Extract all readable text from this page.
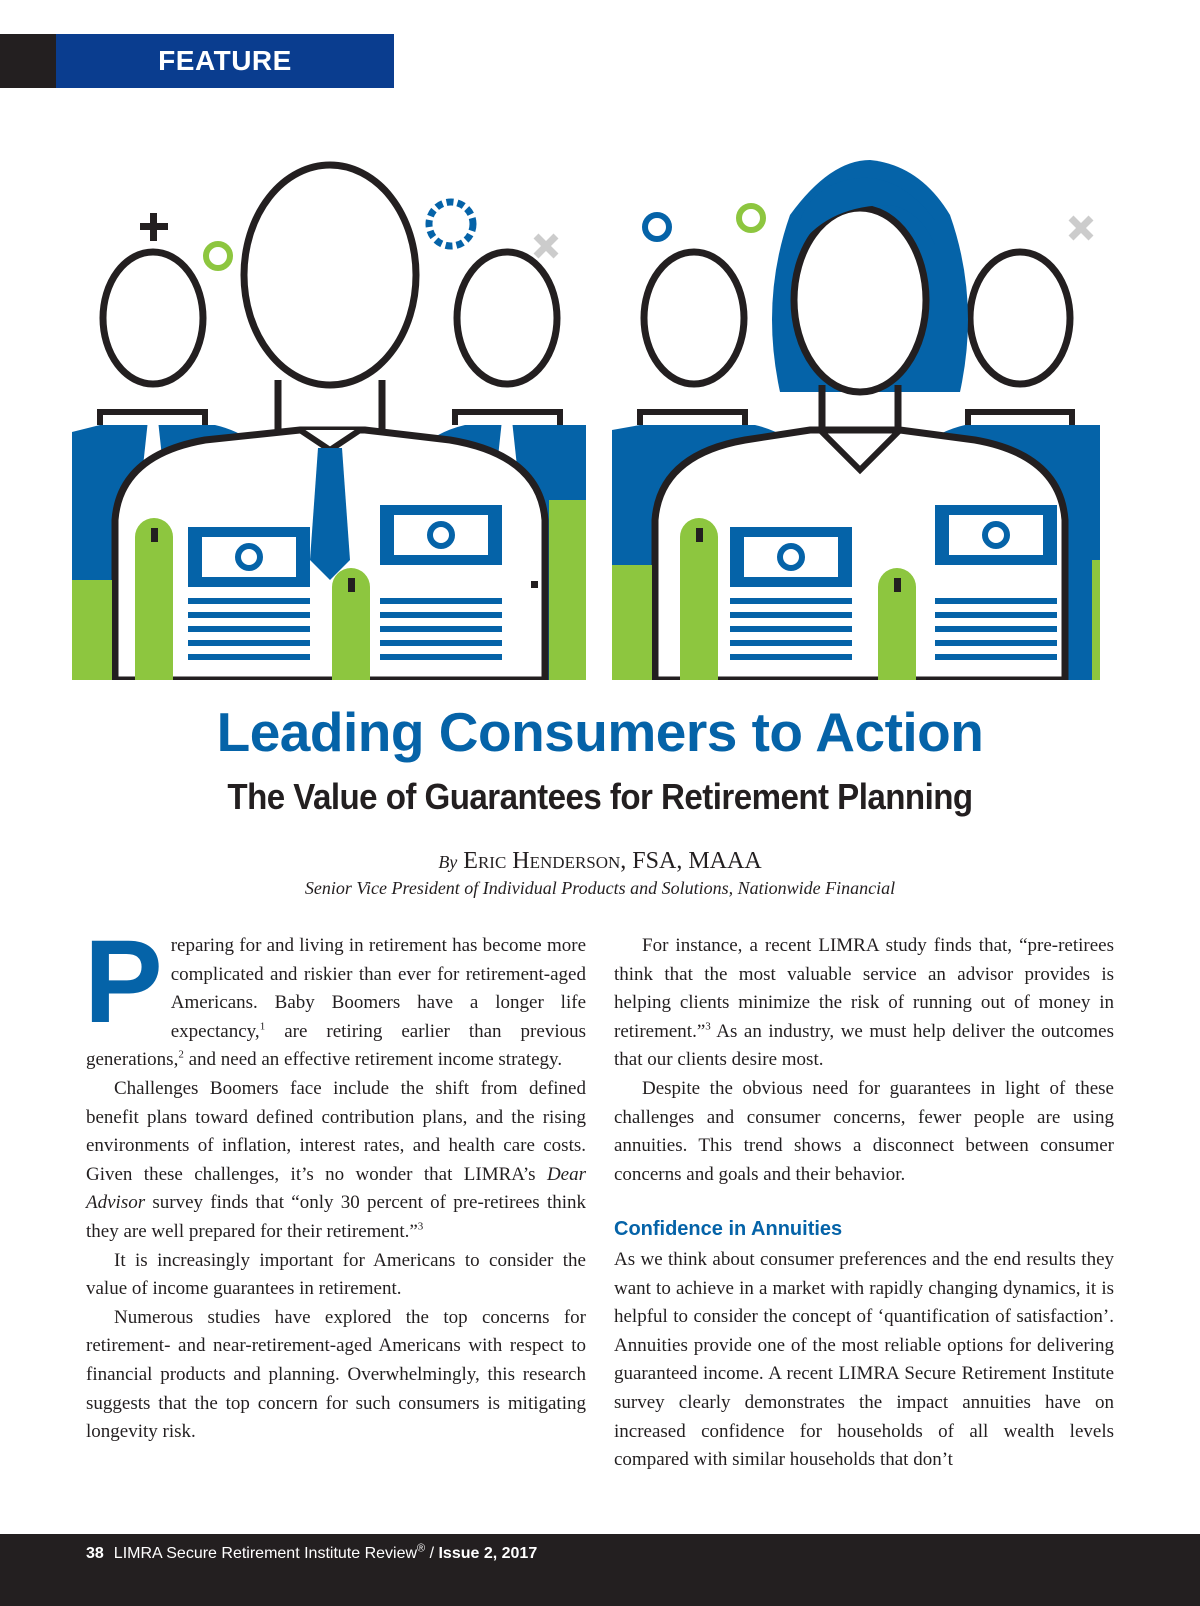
FEATURE
Leading Consumers to Action
The Value of Guarantees for Retirement Planning
By Eric Henderson, FSA, MAAA
Senior Vice President of Individual Products and Solutions, Nationwide Financial

Preparing for and living in retirement has become more complicated and riskier than ever for retirement-aged Americans. Baby Boomers have a longer life expectancy,$^1$ are retiring earlier than previous generations,$^2$ and need an effective retirement income strategy.

Challenges Boomers face include the shift from defined benefit plans toward defined contribution plans, and the rising environments of inflation, interest rates, and health care costs. Given these challenges, it’s no wonder that LIMRA’s Dear Advisor survey finds that “only 30 percent of pre-retirees think they are well prepared for their retirement.”$^3$

It is increasingly important for Americans to consider the value of income guarantees in retirement.

Numerous studies have explored the top concerns for retirement- and near-retirement-aged Americans with respect to financial products and planning. Overwhelmingly, this research suggests that the top concern for such consumers is mitigating longevity risk.

For instance, a recent LIMRA study finds that, “pre-retirees think that the most valuable service an advisor provides is helping clients minimize the risk of running out of money in retirement.”$^3$ As an industry, we must help deliver the outcomes that our clients desire most.

Despite the obvious need for guarantees in light of these challenges and consumer concerns, fewer people are using annuities. This trend shows a disconnect between consumer concerns and goals and their behavior.

Confidence in Annuities

As we think about consumer preferences and the end results they want to achieve in a market with rapidly changing dynamics, it is helpful to consider the concept of ‘quantification of satisfaction’. Annuities provide one of the most reliable options for delivering guaranteed income. A recent LIMRA Secure Retirement Institute survey clearly demonstrates the impact annuities have on increased confidence for households of all wealth levels compared with similar households that don’t

38 LIMRA Secure Retirement Institute Review® / Issue 2, 2017
